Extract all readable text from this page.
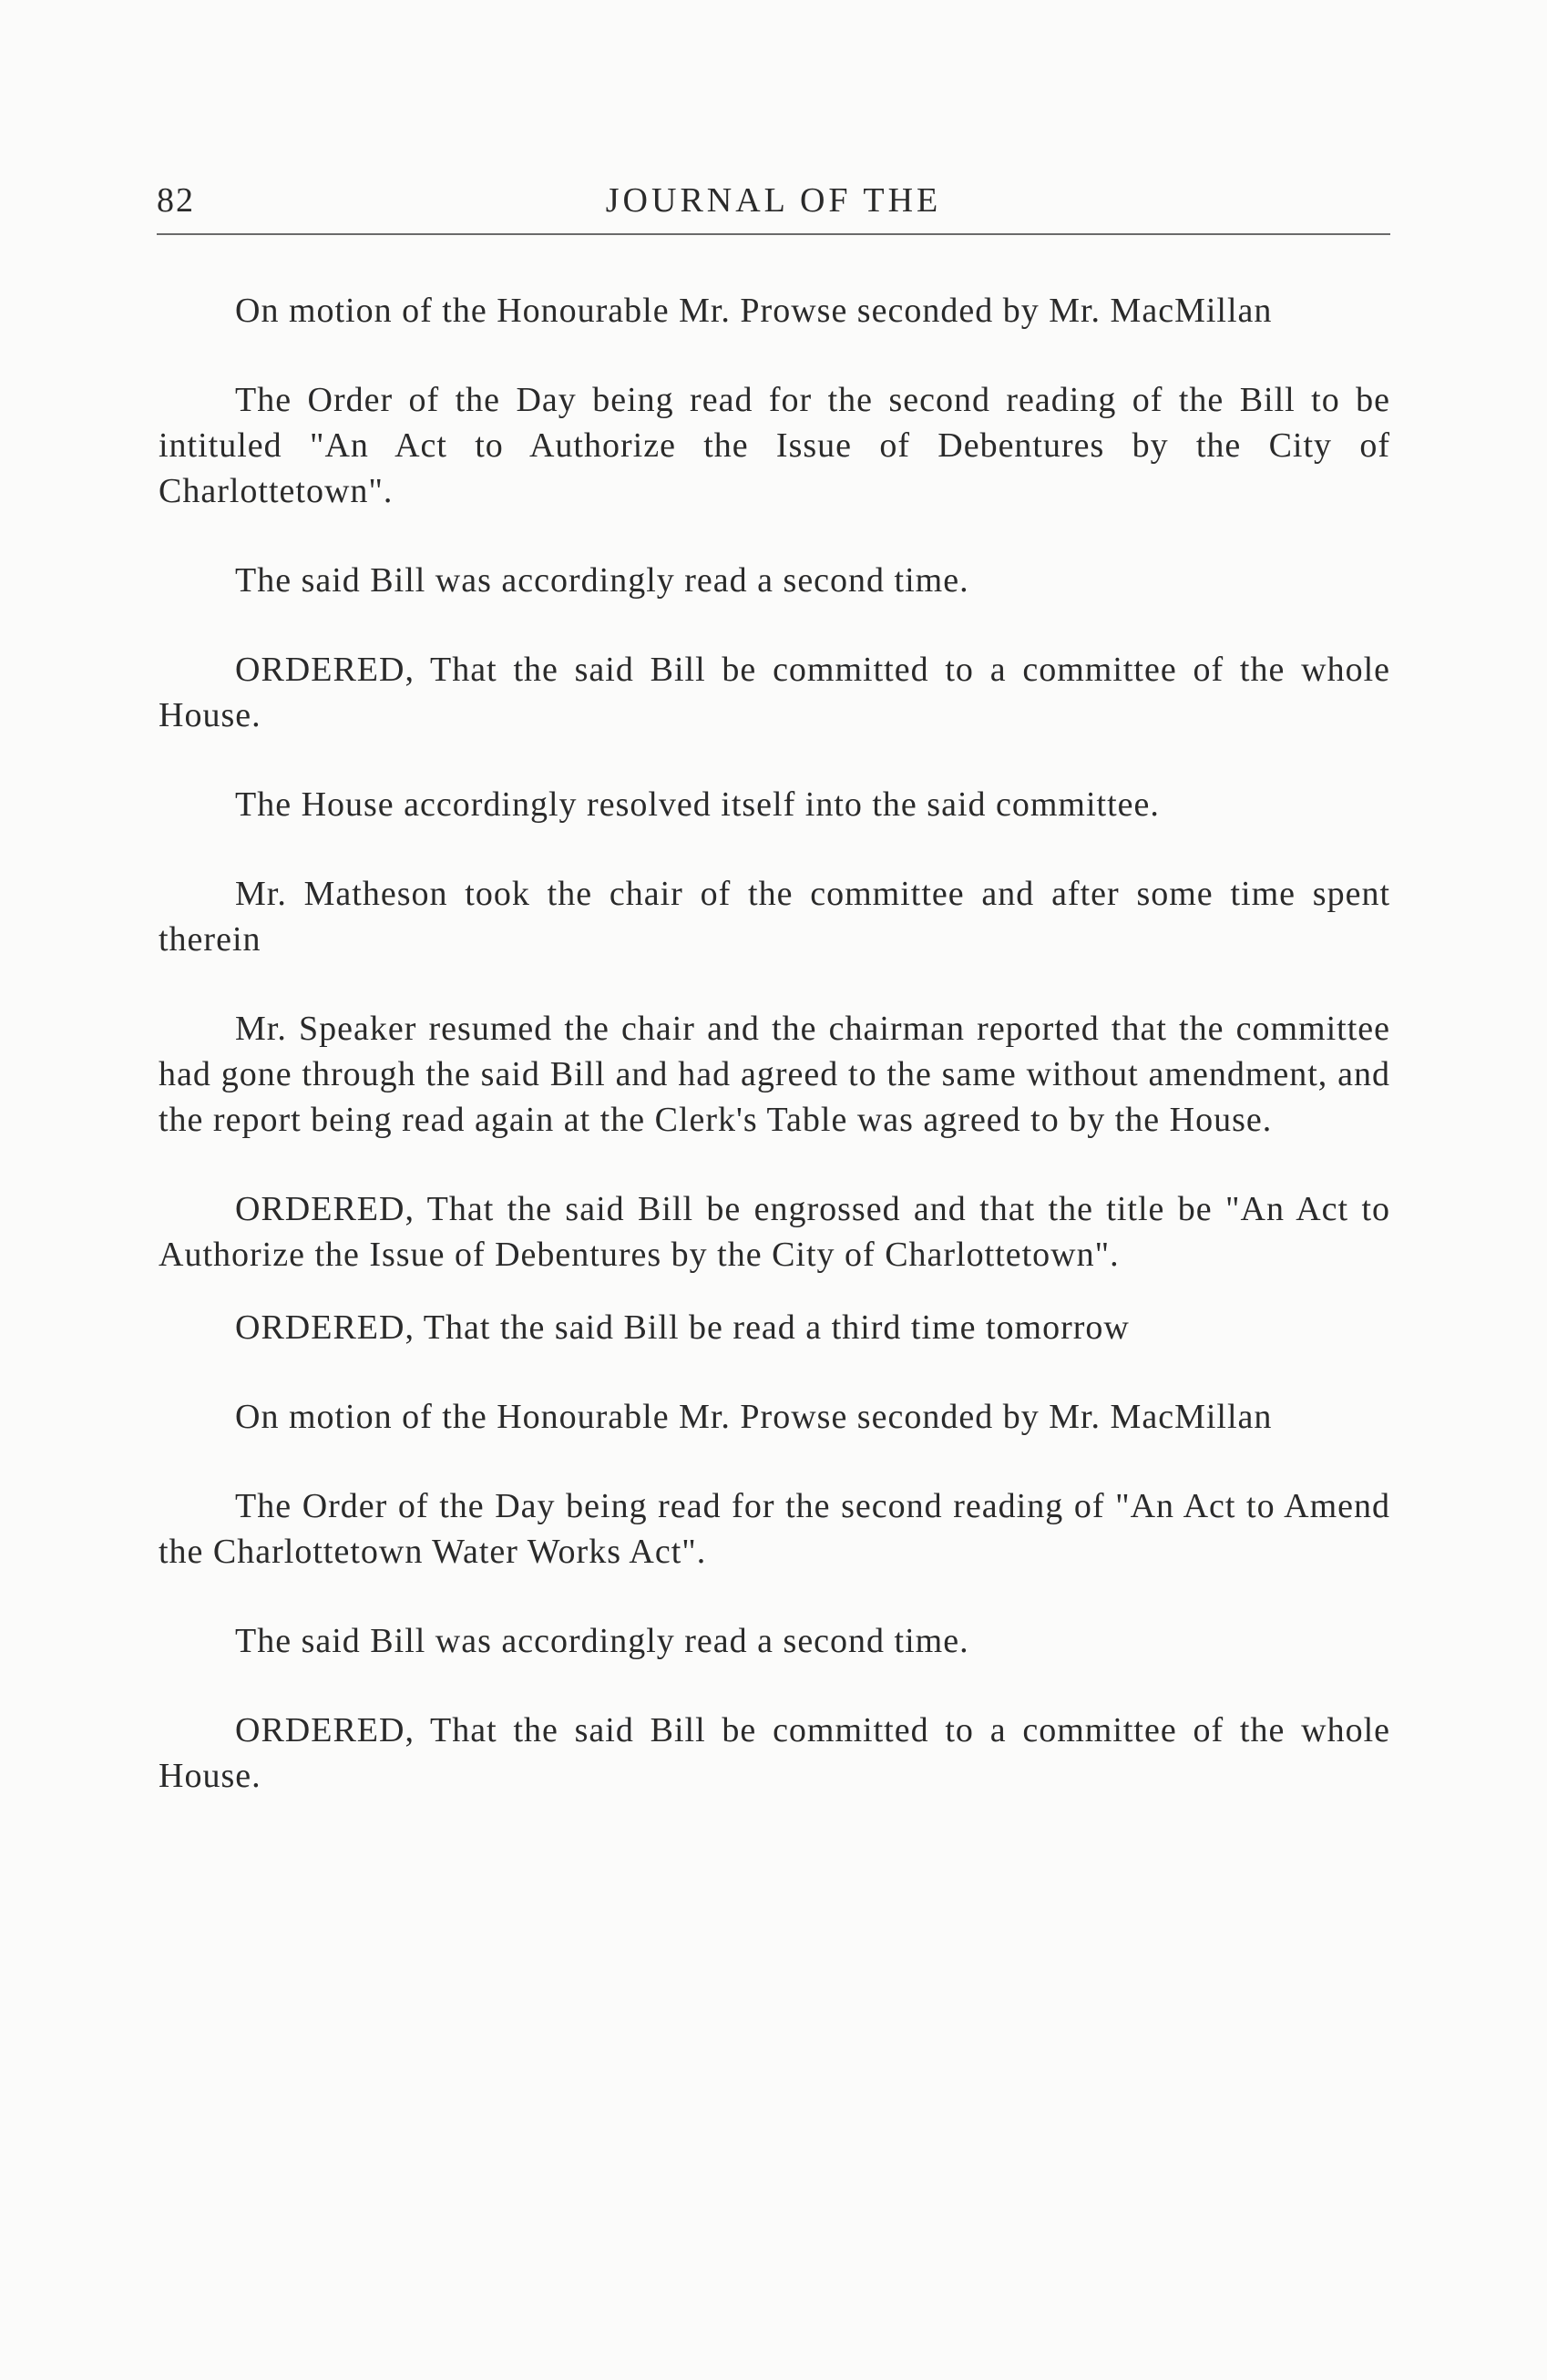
82	JOURNAL OF THE

On motion of the Honourable Mr. Prowse seconded by Mr. MacMillan

The Order of the Day being read for the second reading of the Bill to be intituled "An Act to Authorize the Issue of Debentures by the City of Charlottetown".

The said Bill was accordingly read a second time.

ORDERED, That the said Bill be committed to a committee of the whole House.

The House accordingly resolved itself into the said committee.

Mr. Matheson took the chair of the committee and after some time spent therein

Mr. Speaker resumed the chair and the chairman reported that the committee had gone through the said Bill and had agreed to the same without amendment, and the report being read again at the Clerk's Table was agreed to by the House.

ORDERED, That the said Bill be engrossed and that the title be "An Act to Authorize the Issue of Debentures by the City of Charlottetown".

ORDERED, That the said Bill be read a third time tomorrow

On motion of the Honourable Mr. Prowse seconded by Mr. MacMillan

The Order of the Day being read for the second reading of "An Act to Amend the Charlottetown Water Works Act".

The said Bill was accordingly read a second time.

ORDERED, That the said Bill be committed to a committee of the whole House.
